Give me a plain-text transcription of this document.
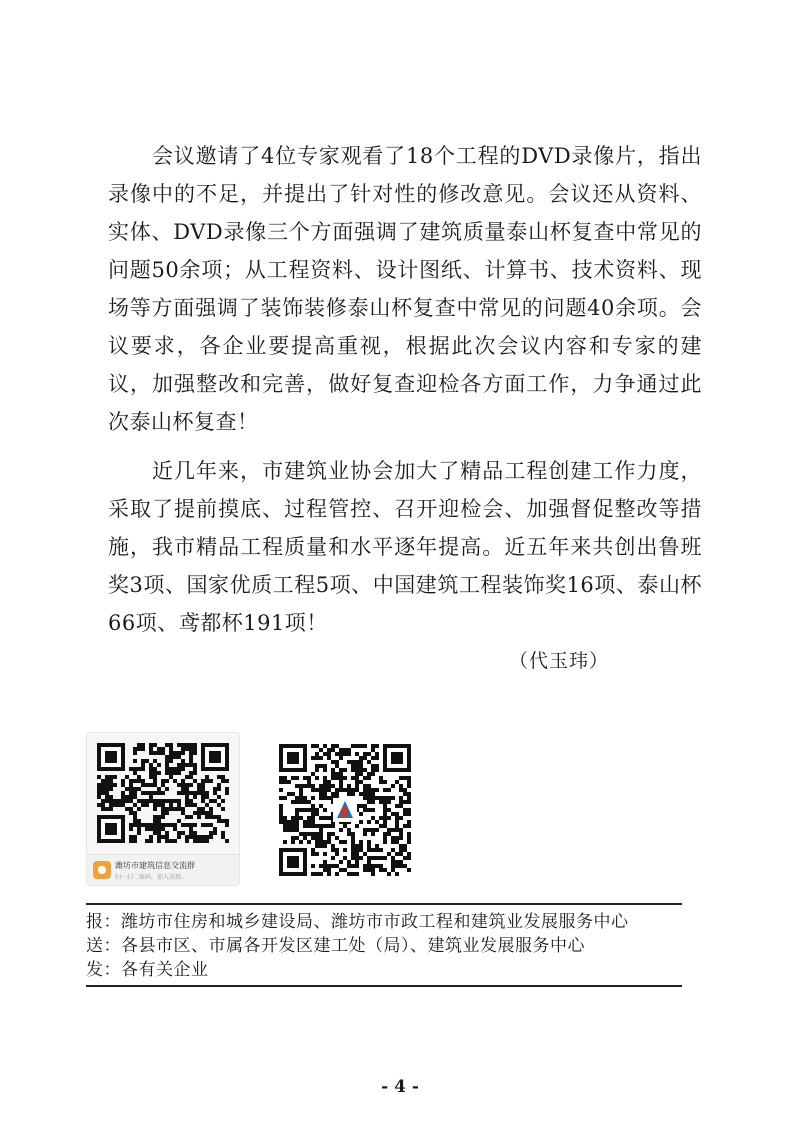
会议邀请了4位专家观看了18个工程的DVD录像片，指出录像中的不足，并提出了针对性的修改意见。会议还从资料、实体、DVD录像三个方面强调了建筑质量泰山杯复查中常见的问题50余项；从工程资料、设计图纸、计算书、技术资料、现场等方面强调了装饰装修泰山杯复查中常见的问题40余项。会议要求，各企业要提高重视，根据此次会议内容和专家的建议，加强整改和完善，做好复查迎检各方面工作，力争通过此次泰山杯复查！
近几年来，市建筑业协会加大了精品工程创建工作力度，采取了提前摸底、过程管控、召开迎检会、加强督促整改等措施，我市精品工程质量和水平逐年提高。近五年来共创出鲁班奖3项、国家优质工程5项、中国建筑工程装饰奖16项、泰山杯66项、鸢都杯191项！
（代玉玮）
潍坊市建筑信息交流群
扫一扫二维码，加入该群。
报：潍坊市住房和城乡建设局、潍坊市市政工程和建筑业发展服务中心
送：各县市区、市属各开发区建工处（局）、建筑业发展服务中心
发：各有关企业
- 4 -
